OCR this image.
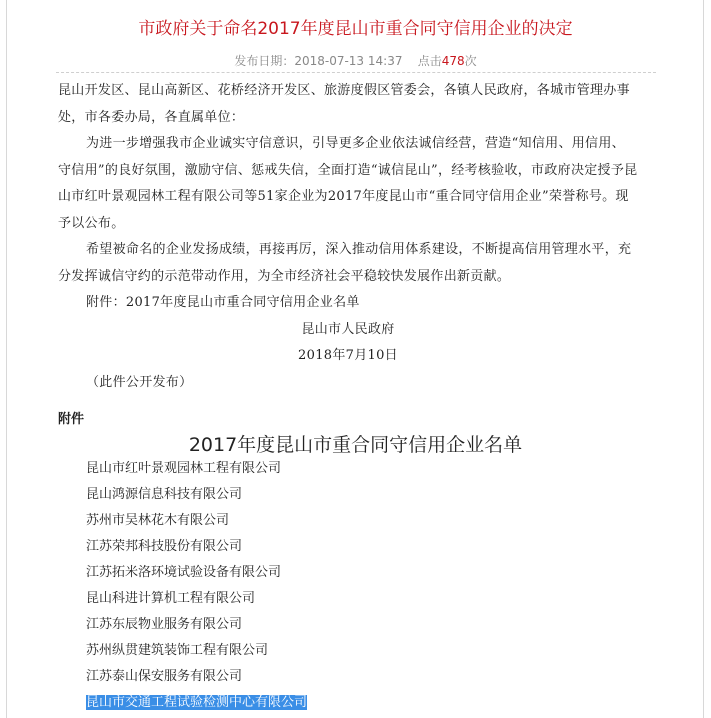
市政府关于命名2017年度昆山市重合同守信用企业的决定
发布日期：2018-07-13 14:37 点击478次

昆山开发区、昆山高新区、花桥经济开发区、旅游度假区管委会，各镇人民政府，各城市管理办事处，市各委办局，各直属单位：

为进一步增强我市企业诚实守信意识，引导更多企业依法诚信经营，营造“知信用、用信用、守信用”的良好氛围，激励守信、惩戒失信，全面打造“诚信昆山”，经考核验收，市政府决定授予昆山市红叶景观园林工程有限公司等51家企业为2017年度昆山市“重合同守信用企业”荣誉称号。现予以公布。

希望被命名的企业发扬成绩，再接再厉，深入推动信用体系建设，不断提高信用管理水平，充分发挥诚信守约的示范带动作用，为全市经济社会平稳较快发展作出新贡献。

附件：2017年度昆山市重合同守信用企业名单

昆山市人民政府

2018年7月10日

（此件公开发布）

附件
2017年度昆山市重合同守信用企业名单
昆山市红叶景观园林工程有限公司
昆山鸿源信息科技有限公司
苏州市吴林花木有限公司
江苏荣邦科技股份有限公司
江苏拓米洛环境试验设备有限公司
昆山科进计算机工程有限公司
江苏东辰物业服务有限公司
苏州纵贯建筑装饰工程有限公司
江苏泰山保安服务有限公司
昆山市交通工程试验检测中心有限公司
